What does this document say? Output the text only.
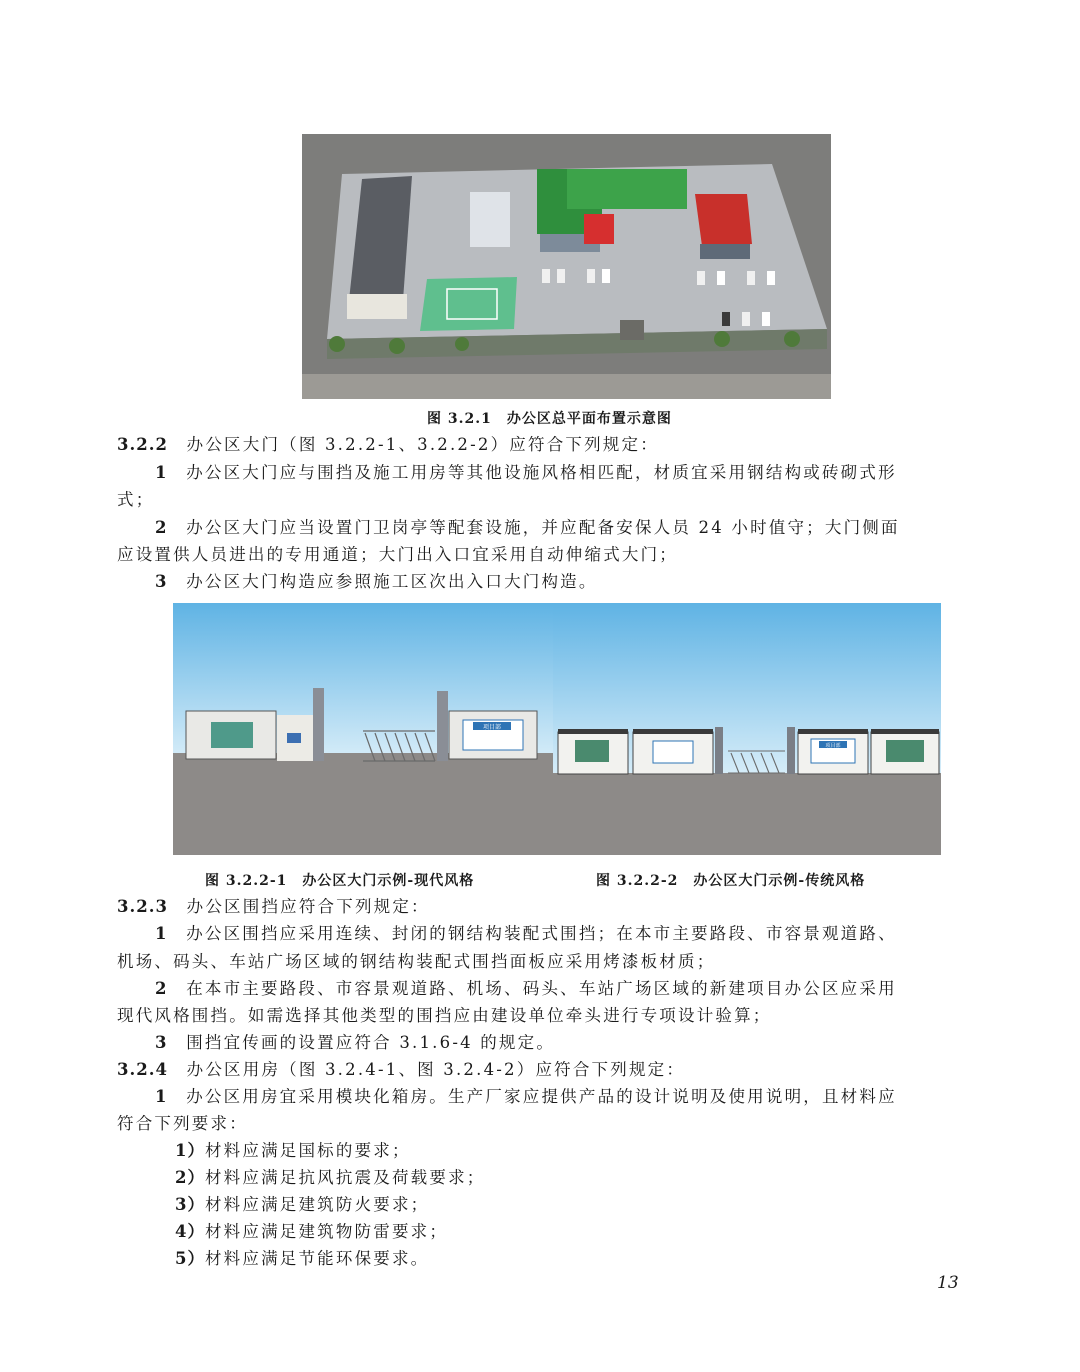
图 3.2.1　办公区总平面布置示意图
3.2.2　 办公区大门（图 3.2.2-1、3.2.2-2）应符合下列规定：
1　 办公区大门应与围挡及施工用房等其他设施风格相匹配，材质宜采用钢结构或砖砌式形
式；
2　 办公区大门应当设置门卫岗亭等配套设施，并应配备安保人员 24 小时值守；大门侧面
应设置供人员进出的专用通道；大门出入口宜采用自动伸缩式大门；
3　 办公区大门构造应参照施工区次出入口大门构造。
项目部
项目部
图 3.2.2-1　办公区大门示例-现代风格	图 3.2.2-2　办公区大门示例-传统风格
3.2.3　 办公区围挡应符合下列规定：
1　 办公区围挡应采用连续、封闭的钢结构装配式围挡；在本市主要路段、市容景观道路、
机场、码头、车站广场区域的钢结构装配式围挡面板应采用烤漆板材质；
2　 在本市主要路段、市容景观道路、机场、码头、车站广场区域的新建项目办公区应采用
现代风格围挡。如需选择其他类型的围挡应由建设单位牵头进行专项设计验算；
3　 围挡宜传画的设置应符合 3.1.6-4 的规定。
3.2.4　 办公区用房（图 3.2.4-1、图 3.2.4-2）应符合下列规定：
1　 办公区用房宜采用模块化箱房。生产厂家应提供产品的设计说明及使用说明，且材料应
符合下列要求：
1）材料应满足国标的要求；
2）材料应满足抗风抗震及荷载要求；
3）材料应满足建筑防火要求；
4）材料应满足建筑物防雷要求；
5）材料应满足节能环保要求。
13
